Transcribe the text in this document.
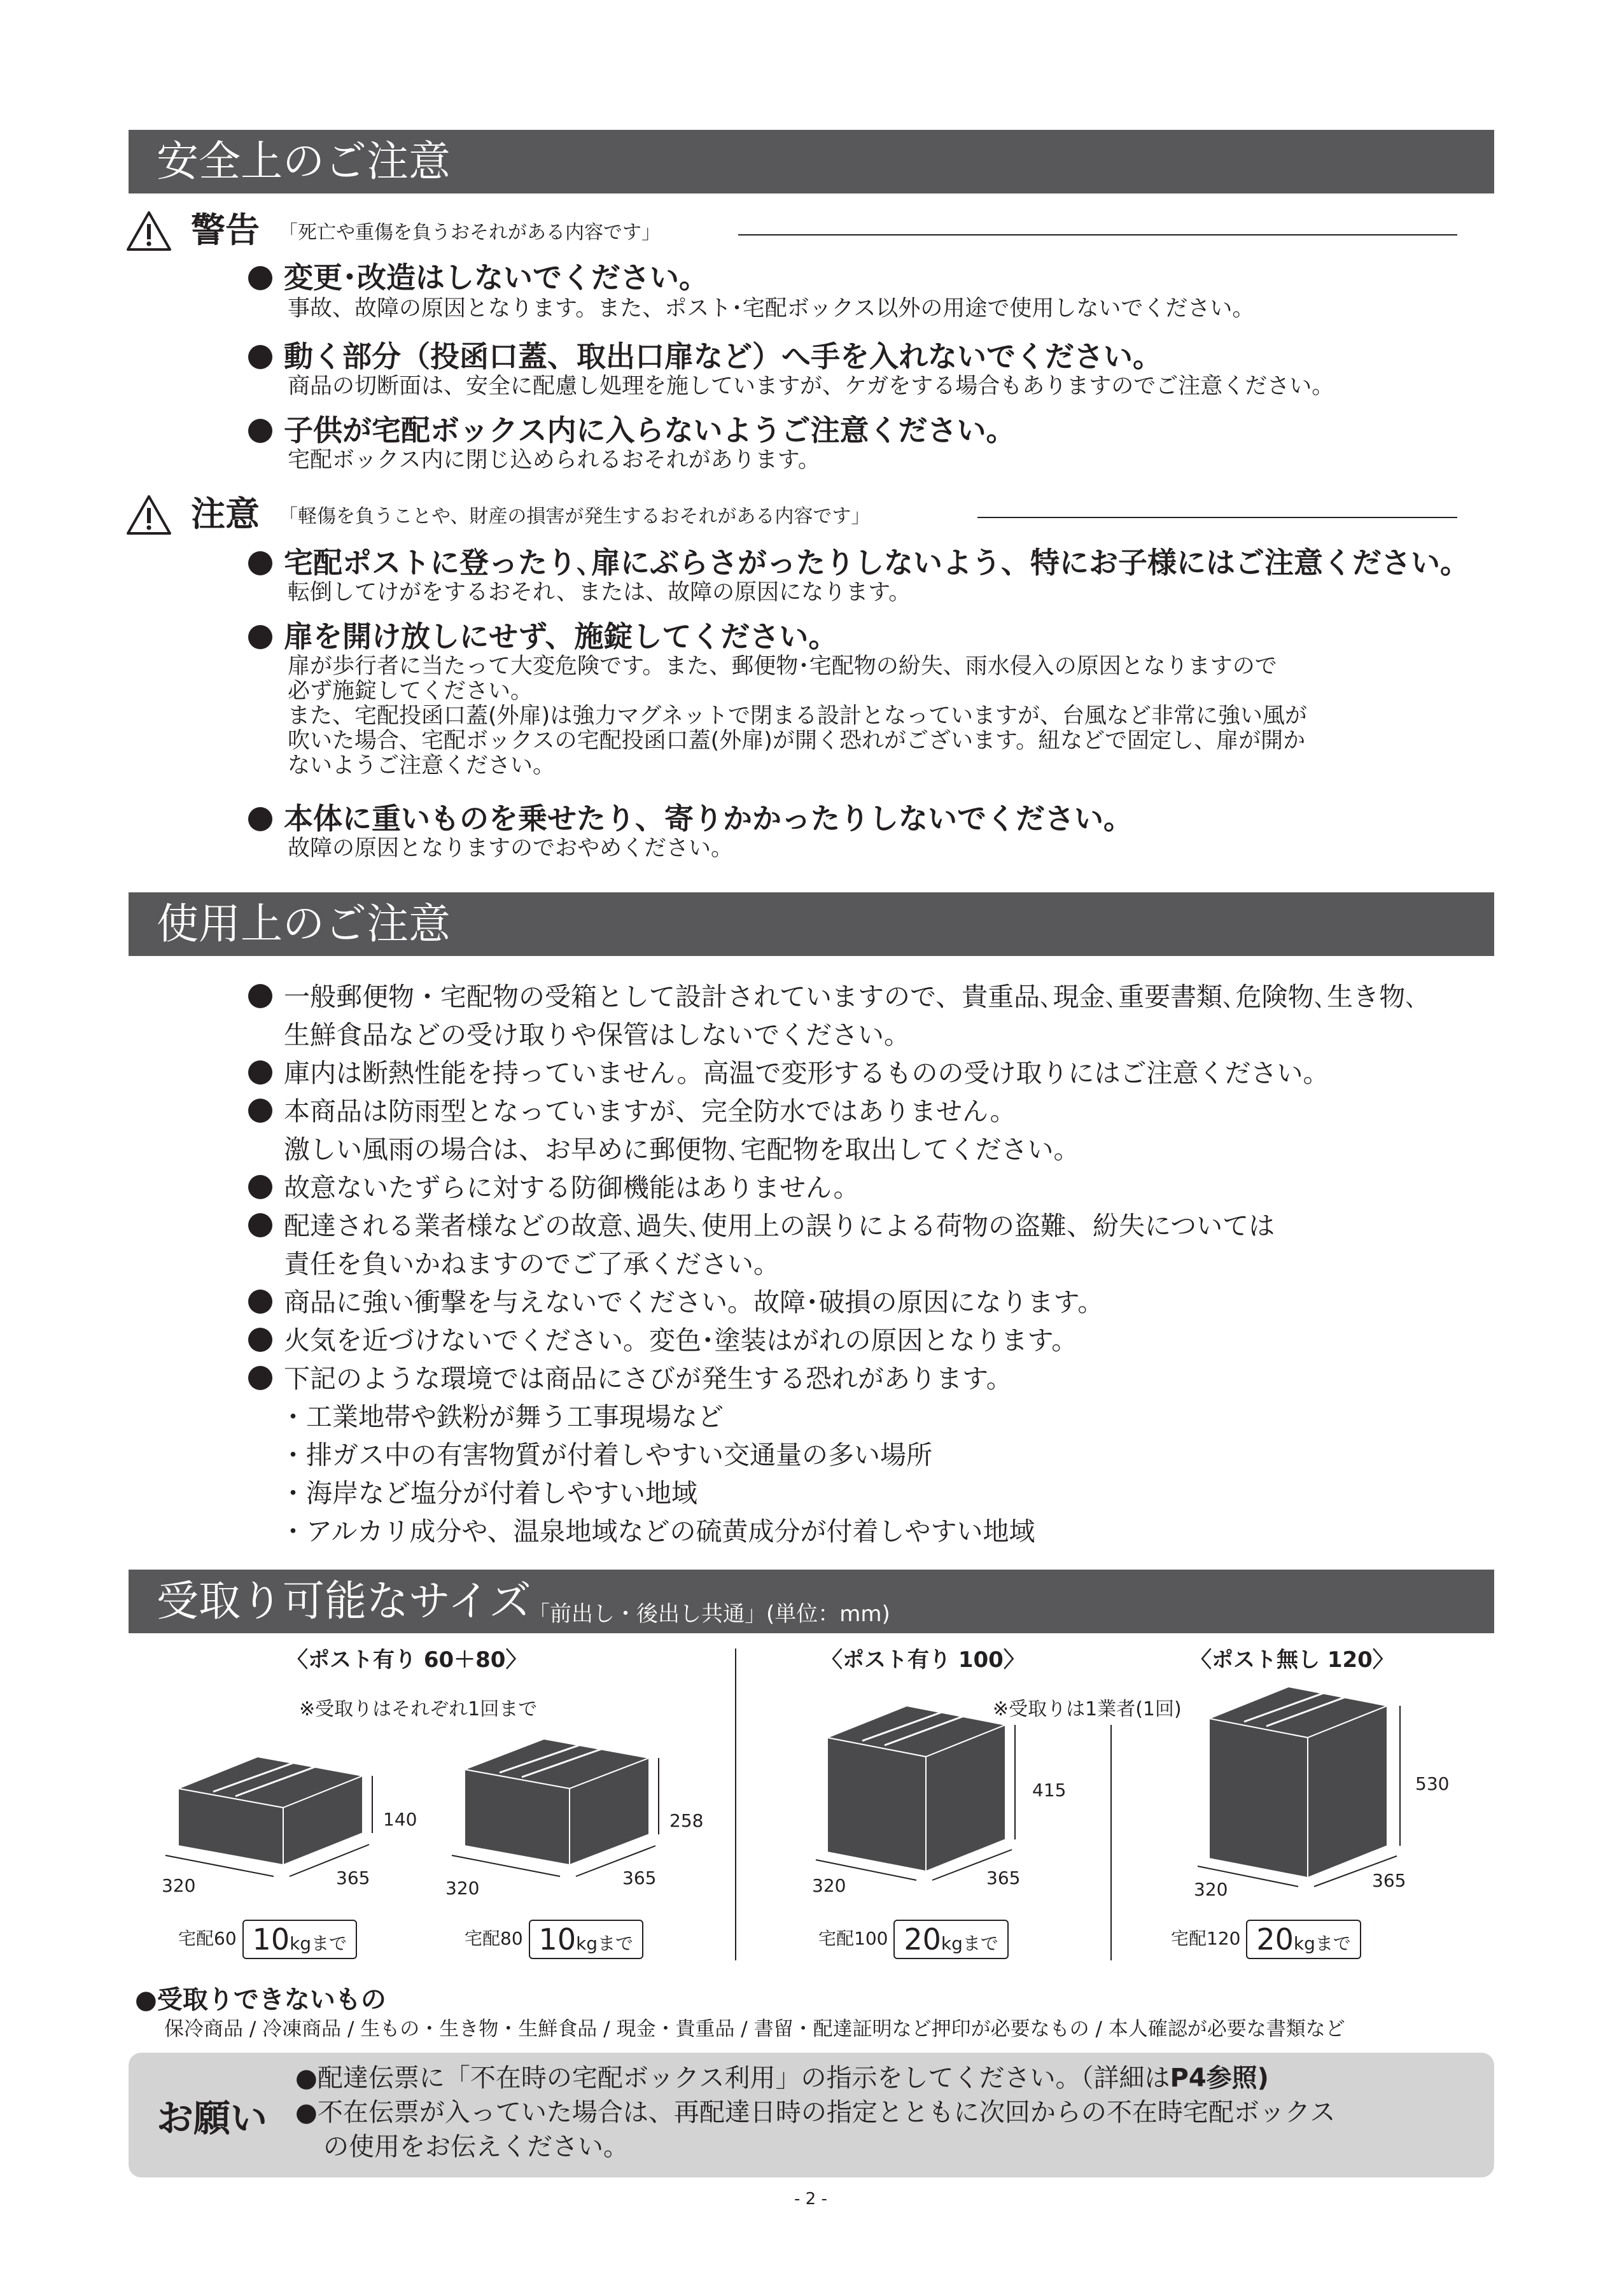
安全上のご注意
警告 「死亡や重傷を負うおそれがある内容です」
変更･改造はしないでください。
事故、故障の原因となります。また、ポスト･宅配ボックス以外の用途で使用しないでください。
動く部分（投函口蓋、取出口扉など）へ手を入れないでください。
商品の切断面は、安全に配慮し処理を施していますが、ケガをする場合もありますのでご注意ください。
子供が宅配ボックス内に入らないようご注意ください。
宅配ボックス内に閉じ込められるおそれがあります。
注意 「軽傷を負うことや、財産の損害が発生するおそれがある内容です」
宅配ポストに登ったり､扉にぶらさがったりしないよう、特にお子様にはご注意ください。
転倒してけがをするおそれ、または、故障の原因になります。
扉を開け放しにせず、施錠してください。
扉が歩行者に当たって大変危険です。また、郵便物･宅配物の紛失、雨水侵入の原因となりますので
必ず施錠してください。
また、宅配投函口蓋(外扉)は強力マグネットで閉まる設計となっていますが、台風など非常に強い風が
吹いた場合、宅配ボックスの宅配投函口蓋(外扉)が開く恐れがございます。紐などで固定し、扉が開か
ないようご注意ください。
本体に重いものを乗せたり、寄りかかったりしないでください。
故障の原因となりますのでおやめください。
使用上のご注意
一般郵便物・宅配物の受箱として設計されていますので、貴重品､現金､重要書類､危険物､生き物､
生鮮食品などの受け取りや保管はしないでください。
庫内は断熱性能を持っていません。高温で変形するものの受け取りにはご注意ください。
本商品は防雨型となっていますが、完全防水ではありません。
激しい風雨の場合は、お早めに郵便物､宅配物を取出してください。
故意ないたずらに対する防御機能はありません。
配達される業者様などの故意､過失､使用上の誤りによる荷物の盗難、紛失については
責任を負いかねますのでご了承ください。
商品に強い衝撃を与えないでください。故障･破損の原因になります。
火気を近づけないでください。変色･塗装はがれの原因となります。
下記のような環境では商品にさびが発生する恐れがあります。
・工業地帯や鉄粉が舞う工事現場など
・排ガス中の有害物質が付着しやすい交通量の多い場所
・海岸など塩分が付着しやすい地域
・アルカリ成分や、温泉地域などの硫黄成分が付着しやすい地域
受取り可能なサイズ
「前出し・後出し共通」(単位：mm)
〈ポスト有り 60＋80〉
※受取りはそれぞれ1回まで
〈ポスト有り 100〉
※受取りは1業者(1回)
〈ポスト無し 120〉
140
320	365
宅配60 10kgまで
258
320	365
宅配80 10kgまで
415
320	365
宅配100 20kgまで
530
320	365
宅配120 20kgまで
●受取りできないもの
保冷商品 / 冷凍商品 / 生もの・生き物・生鮮食品 / 現金・貴重品 / 書留・配達証明など押印が必要なもの / 本人確認が必要な書類など
お願い
●配達伝票に「不在時の宅配ボックス利用」の指示をしてください。（詳細はP4参照)
●不在伝票が入っていた場合は、再配達日時の指定とともに次回からの不在時宅配ボックス
の使用をお伝えください。
- 2 -
